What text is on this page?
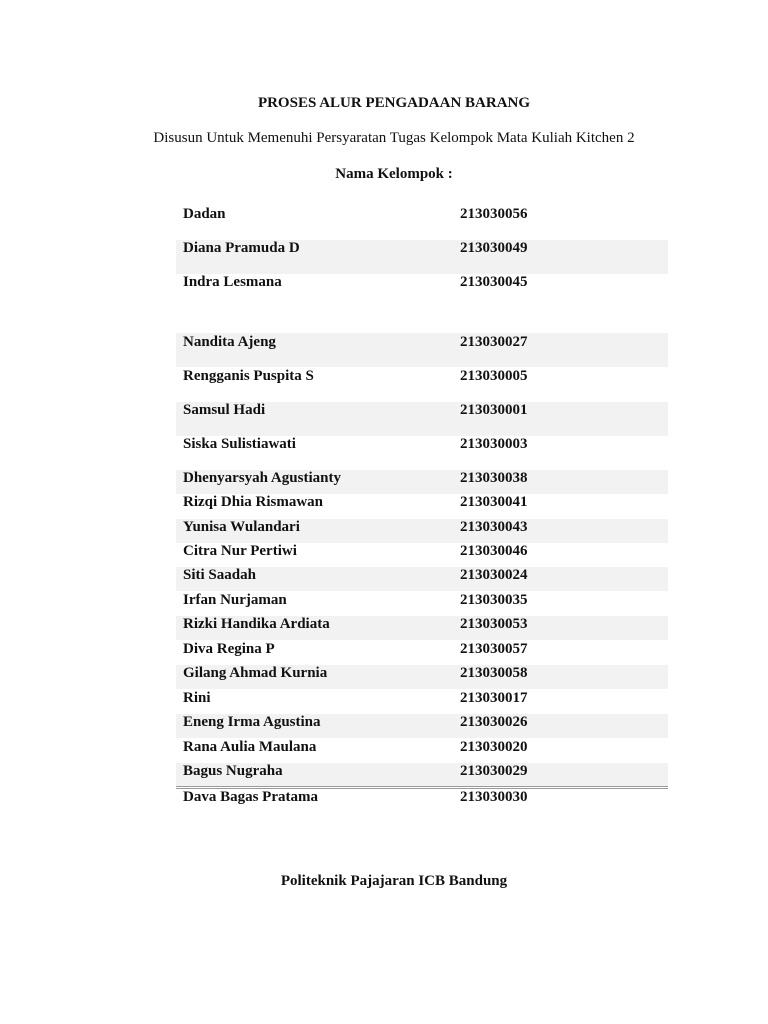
PROSES ALUR PENGADAAN BARANG
Disusun Untuk Memenuhi Persyaratan Tugas Kelompok Mata Kuliah Kitchen 2
Nama Kelompok :
Dadan	213030056
Diana Pramuda D	213030049
Indra Lesmana	213030045
Nandita Ajeng	213030027
Rengganis Puspita S	213030005
Samsul Hadi	213030001
Siska Sulistiawati	213030003
Dhenyarsyah Agustianty	213030038
Rizqi Dhia Rismawan	213030041
Yunisa Wulandari	213030043
Citra Nur Pertiwi	213030046
Siti Saadah	213030024
Irfan Nurjaman	213030035
Rizki Handika Ardiata	213030053
Diva Regina P	213030057
Gilang Ahmad Kurnia	213030058
Rini	213030017
Eneng Irma Agustina	213030026
Rana Aulia Maulana	213030020
Bagus Nugraha	213030029
Dava Bagas Pratama	213030030
Politeknik Pajajaran ICB Bandung
